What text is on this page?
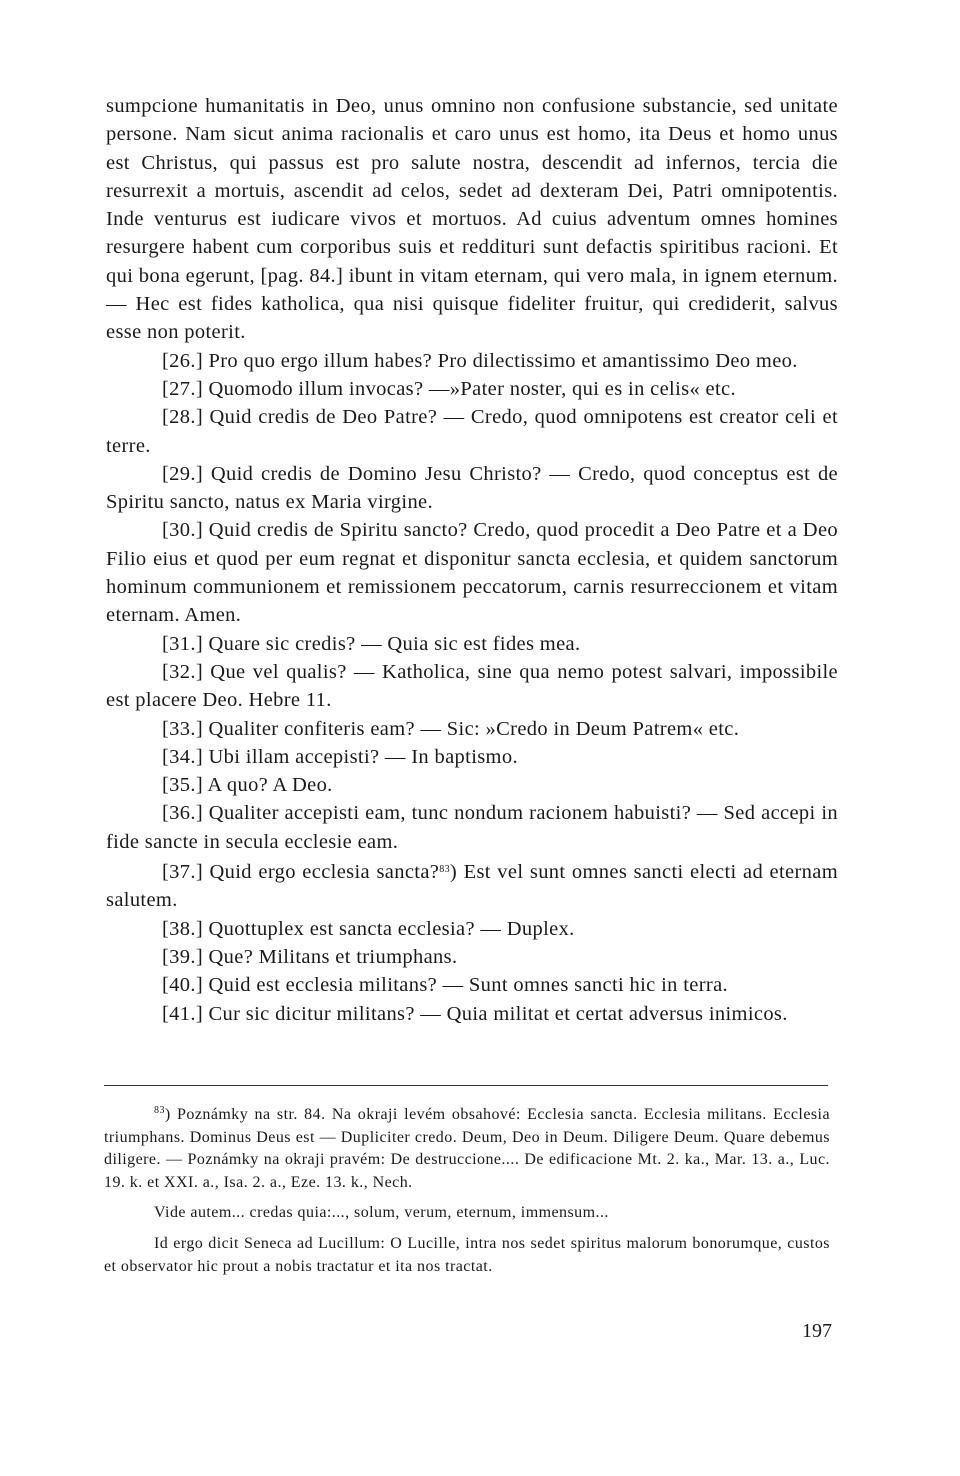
sumpcione humanitatis in Deo, unus omnino non confusione substancie, sed unitate persone. Nam sicut anima racionalis et caro unus est homo, ita Deus et homo unus est Christus, qui passus est pro salute nostra, descendit ad infernos, tercia die resurrexit a mortuis, ascendit ad celos, sedet ad dexteram Dei, Patri omnipotentis. Inde venturus est iudicare vivos et mortuos. Ad cuius adventum omnes homines resurgere habent cum corporibus suis et reddituri sunt defactis spiritibus racioni. Et qui bona egerunt, [pag. 84.] ibunt in vitam eternam, qui vero mala, in ignem eternum. — Hec est fides katholica, qua nisi quisque fideliter fruitur, qui crediderit, salvus esse non poterit.

[26.] Pro quo ergo illum habes? Pro dilectissimo et amantissimo Deo meo.

[27.] Quomodo illum invocas? —»Pater noster, qui es in celis« etc.

[28.] Quid credis de Deo Patre? — Credo, quod omnipotens est creator celi et terre.

[29.] Quid credis de Domino Jesu Christo? — Credo, quod conceptus est de Spiritu sancto, natus ex Maria virgine.

[30.] Quid credis de Spiritu sancto? Credo, quod procedit a Deo Patre et a Deo Filio eius et quod per eum regnat et disponitur sancta ecclesia, et quidem sanctorum hominum communionem et remissionem peccatorum, carnis resurreccionem et vitam eternam. Amen.

[31.] Quare sic credis? — Quia sic est fides mea.

[32.] Que vel qualis? — Katholica, sine qua nemo potest salvari, impossibile est placere Deo. Hebre 11.

[33.] Qualiter confiteris eam? — Sic: »Credo in Deum Patrem« etc.

[34.] Ubi illam accepisti? — In baptismo.

[35.] A quo? A Deo.

[36.] Qualiter accepisti eam, tunc nondum racionem habuisti? — Sed accepi in fide sancte in secula ecclesie eam.

[37.] Quid ergo ecclesia sancta?$^{83}$) Est vel sunt omnes sancti electi ad eternam salutem.

[38.] Quottuplex est sancta ecclesia? — Duplex.

[39.] Que? Militans et triumphans.

[40.] Quid est ecclesia militans? — Sunt omnes sancti hic in terra.

[41.] Cur sic dicitur militans? — Quia militat et certat adversus inimicos.

$^{83}$) Poznámky na str. 84. Na okraji levém obsahové: Ecclesia sancta. Ecclesia militans. Ecclesia triumphans. Dominus Deus est — Dupliciter credo. Deum, Deo in Deum. Diligere Deum. Quare debemus diligere. — Poznámky na okraji pravém: De destruccione.... De edificacione Mt. 2. ka., Mar. 13. a., Luc. 19. k. et XXI. a., Isa. 2. a., Eze. 13. k., Nech.

Vide autem... credas quia:..., solum, verum, eternum, immensum...

Id ergo dicit Seneca ad Lucillum: O Lucille, intra nos sedet spiritus malorum bonorumque, custos et observator hic prout a nobis tractatur et ita nos tractat.

197
